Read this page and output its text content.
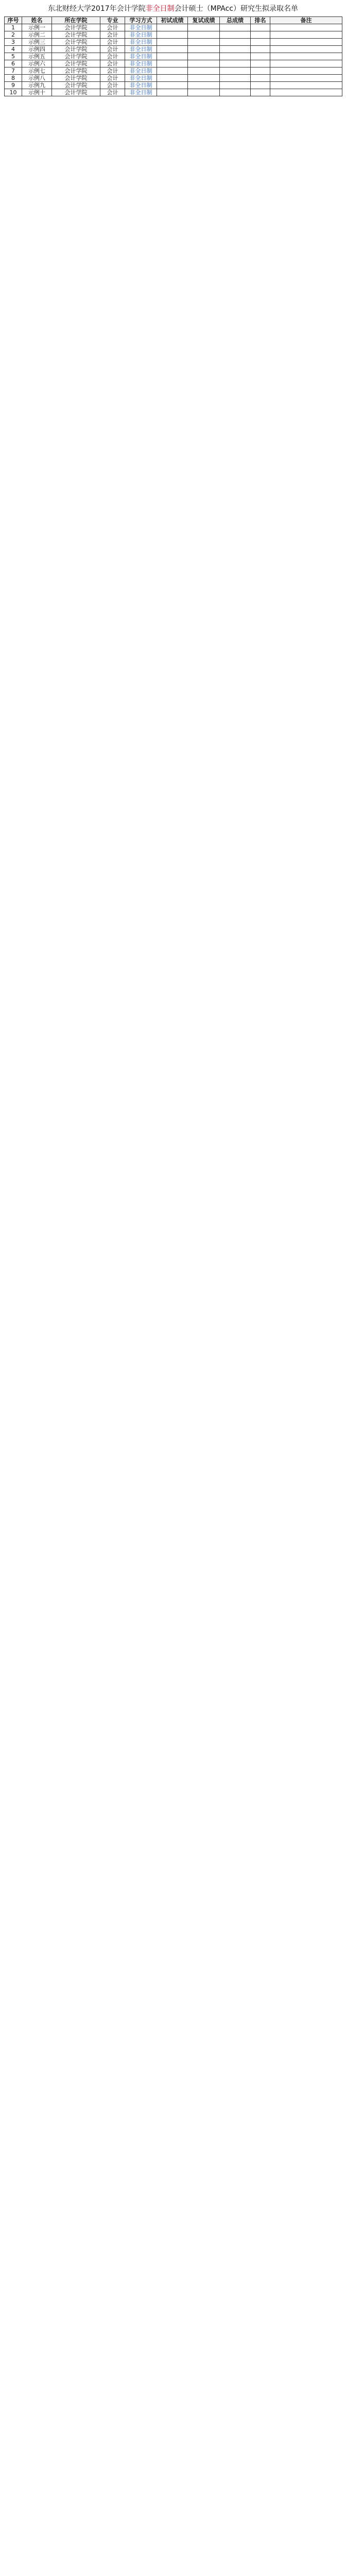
东北财经大学2017年会计学院非全日制会计硕士（MPAcc）研究生拟录取名单
序号	姓名	所在学院	专业	学习方式	初试成绩	复试成绩	总成绩	排名	备注
1	示例一	会计学院	会计	非全日制					
2	示例二	会计学院	会计	非全日制					
3	示例三	会计学院	会计	非全日制					
4	示例四	会计学院	会计	非全日制					
5	示例五	会计学院	会计	非全日制					
6	示例六	会计学院	会计	非全日制					
7	示例七	会计学院	会计	非全日制					
8	示例八	会计学院	会计	非全日制					
9	示例九	会计学院	会计	非全日制					
10	示例十	会计学院	会计	非全日制					
